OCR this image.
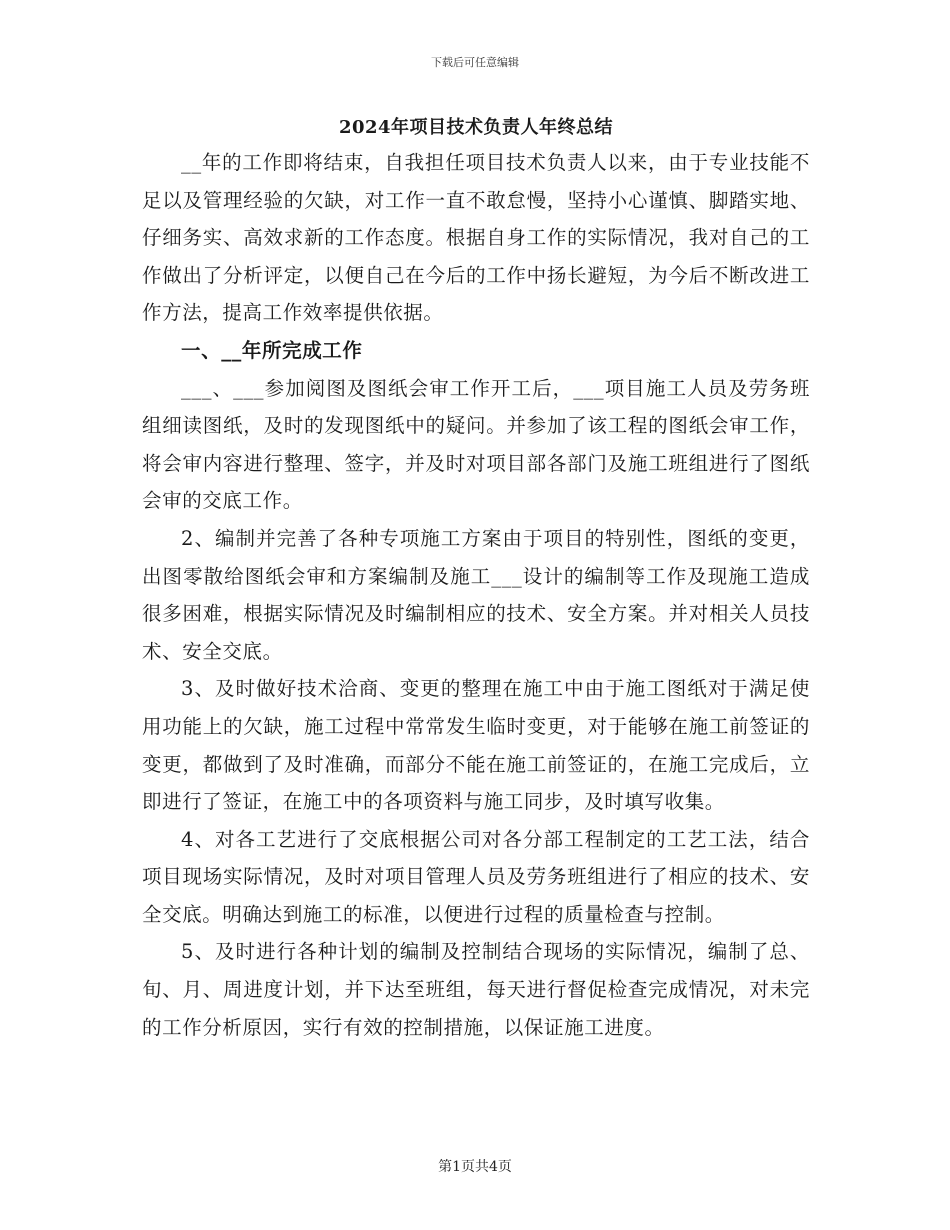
下载后可任意编辑
2024年项目技术负责人年终总结

__年的工作即将结束，自我担任项目技术负责人以来，由于专业技能不足以及管理经验的欠缺，对工作一直不敢怠慢，坚持小心谨慎、脚踏实地、仔细务实、高效求新的工作态度。根据自身工作的实际情况，我对自己的工作做出了分析评定，以便自己在今后的工作中扬长避短，为今后不断改进工作方法，提高工作效率提供依据。

一、__年所完成工作

___、___参加阅图及图纸会审工作开工后，___项目施工人员及劳务班组细读图纸，及时的发现图纸中的疑问。并参加了该工程的图纸会审工作，将会审内容进行整理、签字，并及时对项目部各部门及施工班组进行了图纸会审的交底工作。

2、编制并完善了各种专项施工方案由于项目的特别性，图纸的变更，出图零散给图纸会审和方案编制及施工___设计的编制等工作及现施工造成很多困难，根据实际情况及时编制相应的技术、安全方案。并对相关人员技术、安全交底。

3、及时做好技术洽商、变更的整理在施工中由于施工图纸对于满足使用功能上的欠缺，施工过程中常常发生临时变更，对于能够在施工前签证的变更，都做到了及时准确，而部分不能在施工前签证的，在施工完成后，立即进行了签证，在施工中的各项资料与施工同步，及时填写收集。

4、对各工艺进行了交底根据公司对各分部工程制定的工艺工法，结合项目现场实际情况，及时对项目管理人员及劳务班组进行了相应的技术、安全交底。明确达到施工的标准，以便进行过程的质量检查与控制。

5、及时进行各种计划的编制及控制结合现场的实际情况，编制了总、旬、月、周进度计划，并下达至班组，每天进行督促检查完成情况，对未完的工作分析原因，实行有效的控制措施，以保证施工进度。

第1页共4页
